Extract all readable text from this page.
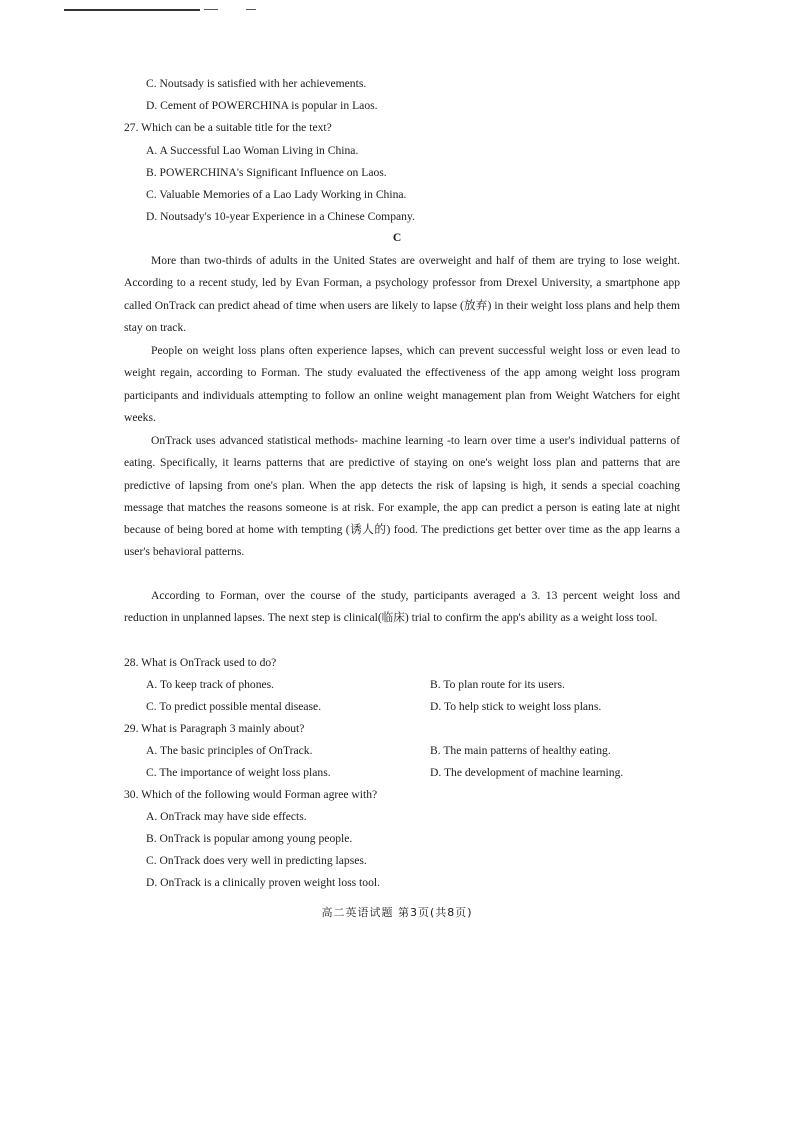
C. Noutsady is satisfied with her achievements.
D. Cement of POWERCHINA is popular in Laos.
27. Which can be a suitable title for the text?
A. A Successful Lao Woman Living in China.
B. POWERCHINA's Significant Influence on Laos.
C. Valuable Memories of a Lao Lady Working in China.
D. Noutsady's 10-year Experience in a Chinese Company.
C

More than two-thirds of adults in the United States are overweight and half of them are trying to lose weight. According to a recent study, led by Evan Forman, a psychology professor from Drexel University, a smartphone app called OnTrack can predict ahead of time when users are likely to lapse (放弃) in their weight loss plans and help them stay on track.

People on weight loss plans often experience lapses, which can prevent successful weight loss or even lead to weight regain, according to Forman. The study evaluated the effectiveness of the app among weight loss program participants and individuals attempting to follow an online weight management plan from Weight Watchers for eight weeks.

OnTrack uses advanced statistical methods- machine learning -to learn over time a user's individual patterns of eating. Specifically, it learns patterns that are predictive of staying on one's weight loss plan and patterns that are predictive of lapsing from one's plan. When the app detects the risk of lapsing is high, it sends a special coaching message that matches the reasons someone is at risk. For example, the app can predict a person is eating late at night because of being bored at home with tempting (诱人的) food. The predictions get better over time as the app learns a user's behavioral patterns.

According to Forman, over the course of the study, participants averaged a 3. 13 percent weight loss and reduction in unplanned lapses. The next step is clinical(临床) trial to confirm the app's ability as a weight loss tool.

28. What is OnTrack used to do?
A. To keep track of phones.	B. To plan route for its users.
C. To predict possible mental disease.	D. To help stick to weight loss plans.
29. What is Paragraph 3 mainly about?
A. The basic principles of OnTrack.	B. The main patterns of healthy eating.
C. The importance of weight loss plans.	D. The development of machine learning.
30. Which of the following would Forman agree with?
A. OnTrack may have side effects.
B. OnTrack is popular among young people.
C. OnTrack does very well in predicting lapses.
D. OnTrack is a clinically proven weight loss tool.
高二英语试题 第3页(共8页)
